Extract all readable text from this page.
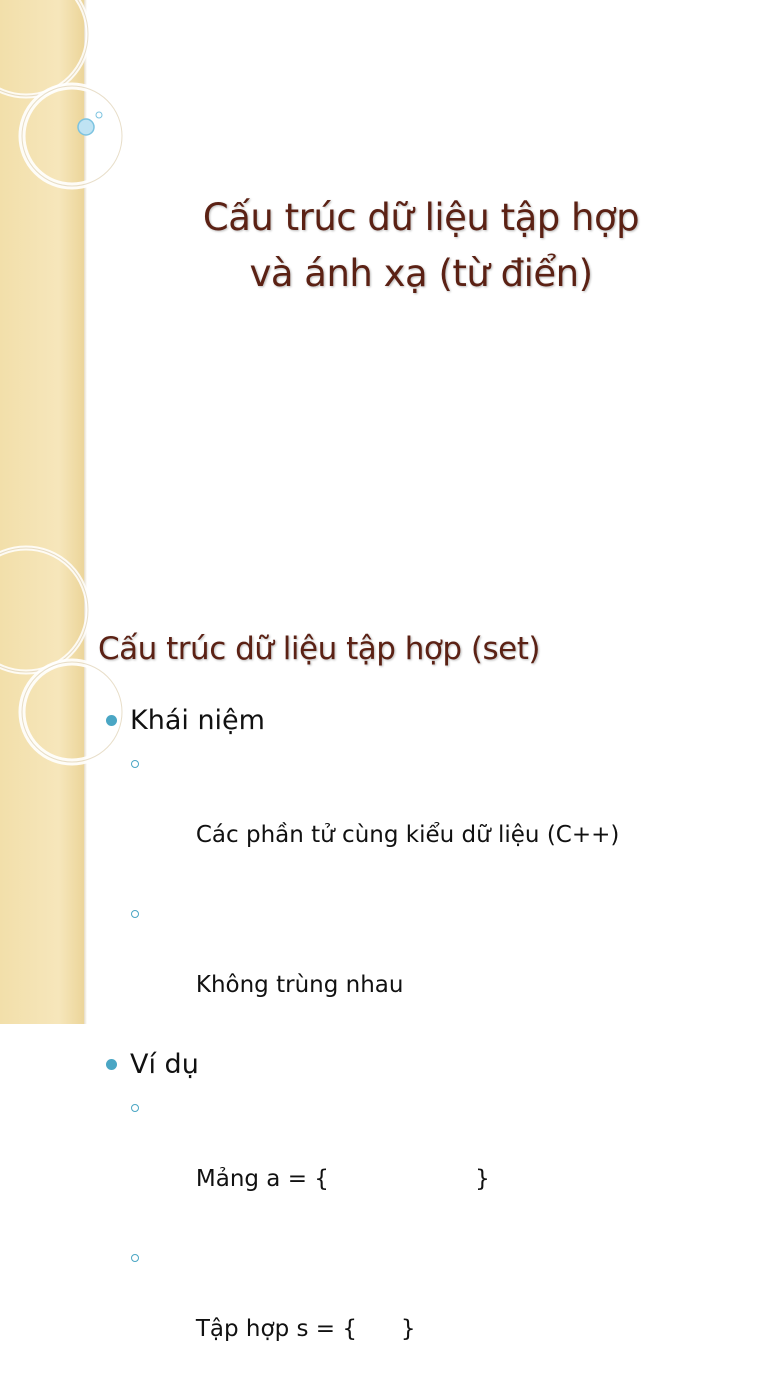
Cấu trúc dữ liệu tập hợp
và ánh xạ (từ điển)
Cấu trúc dữ liệu tập hợp (set)
Khái niệm

Các phần tử cùng kiểu dữ liệu (C++)

Không trùng nhau

Ví dụ

Mảng a = {                    }

Tập hợp s = {      }
